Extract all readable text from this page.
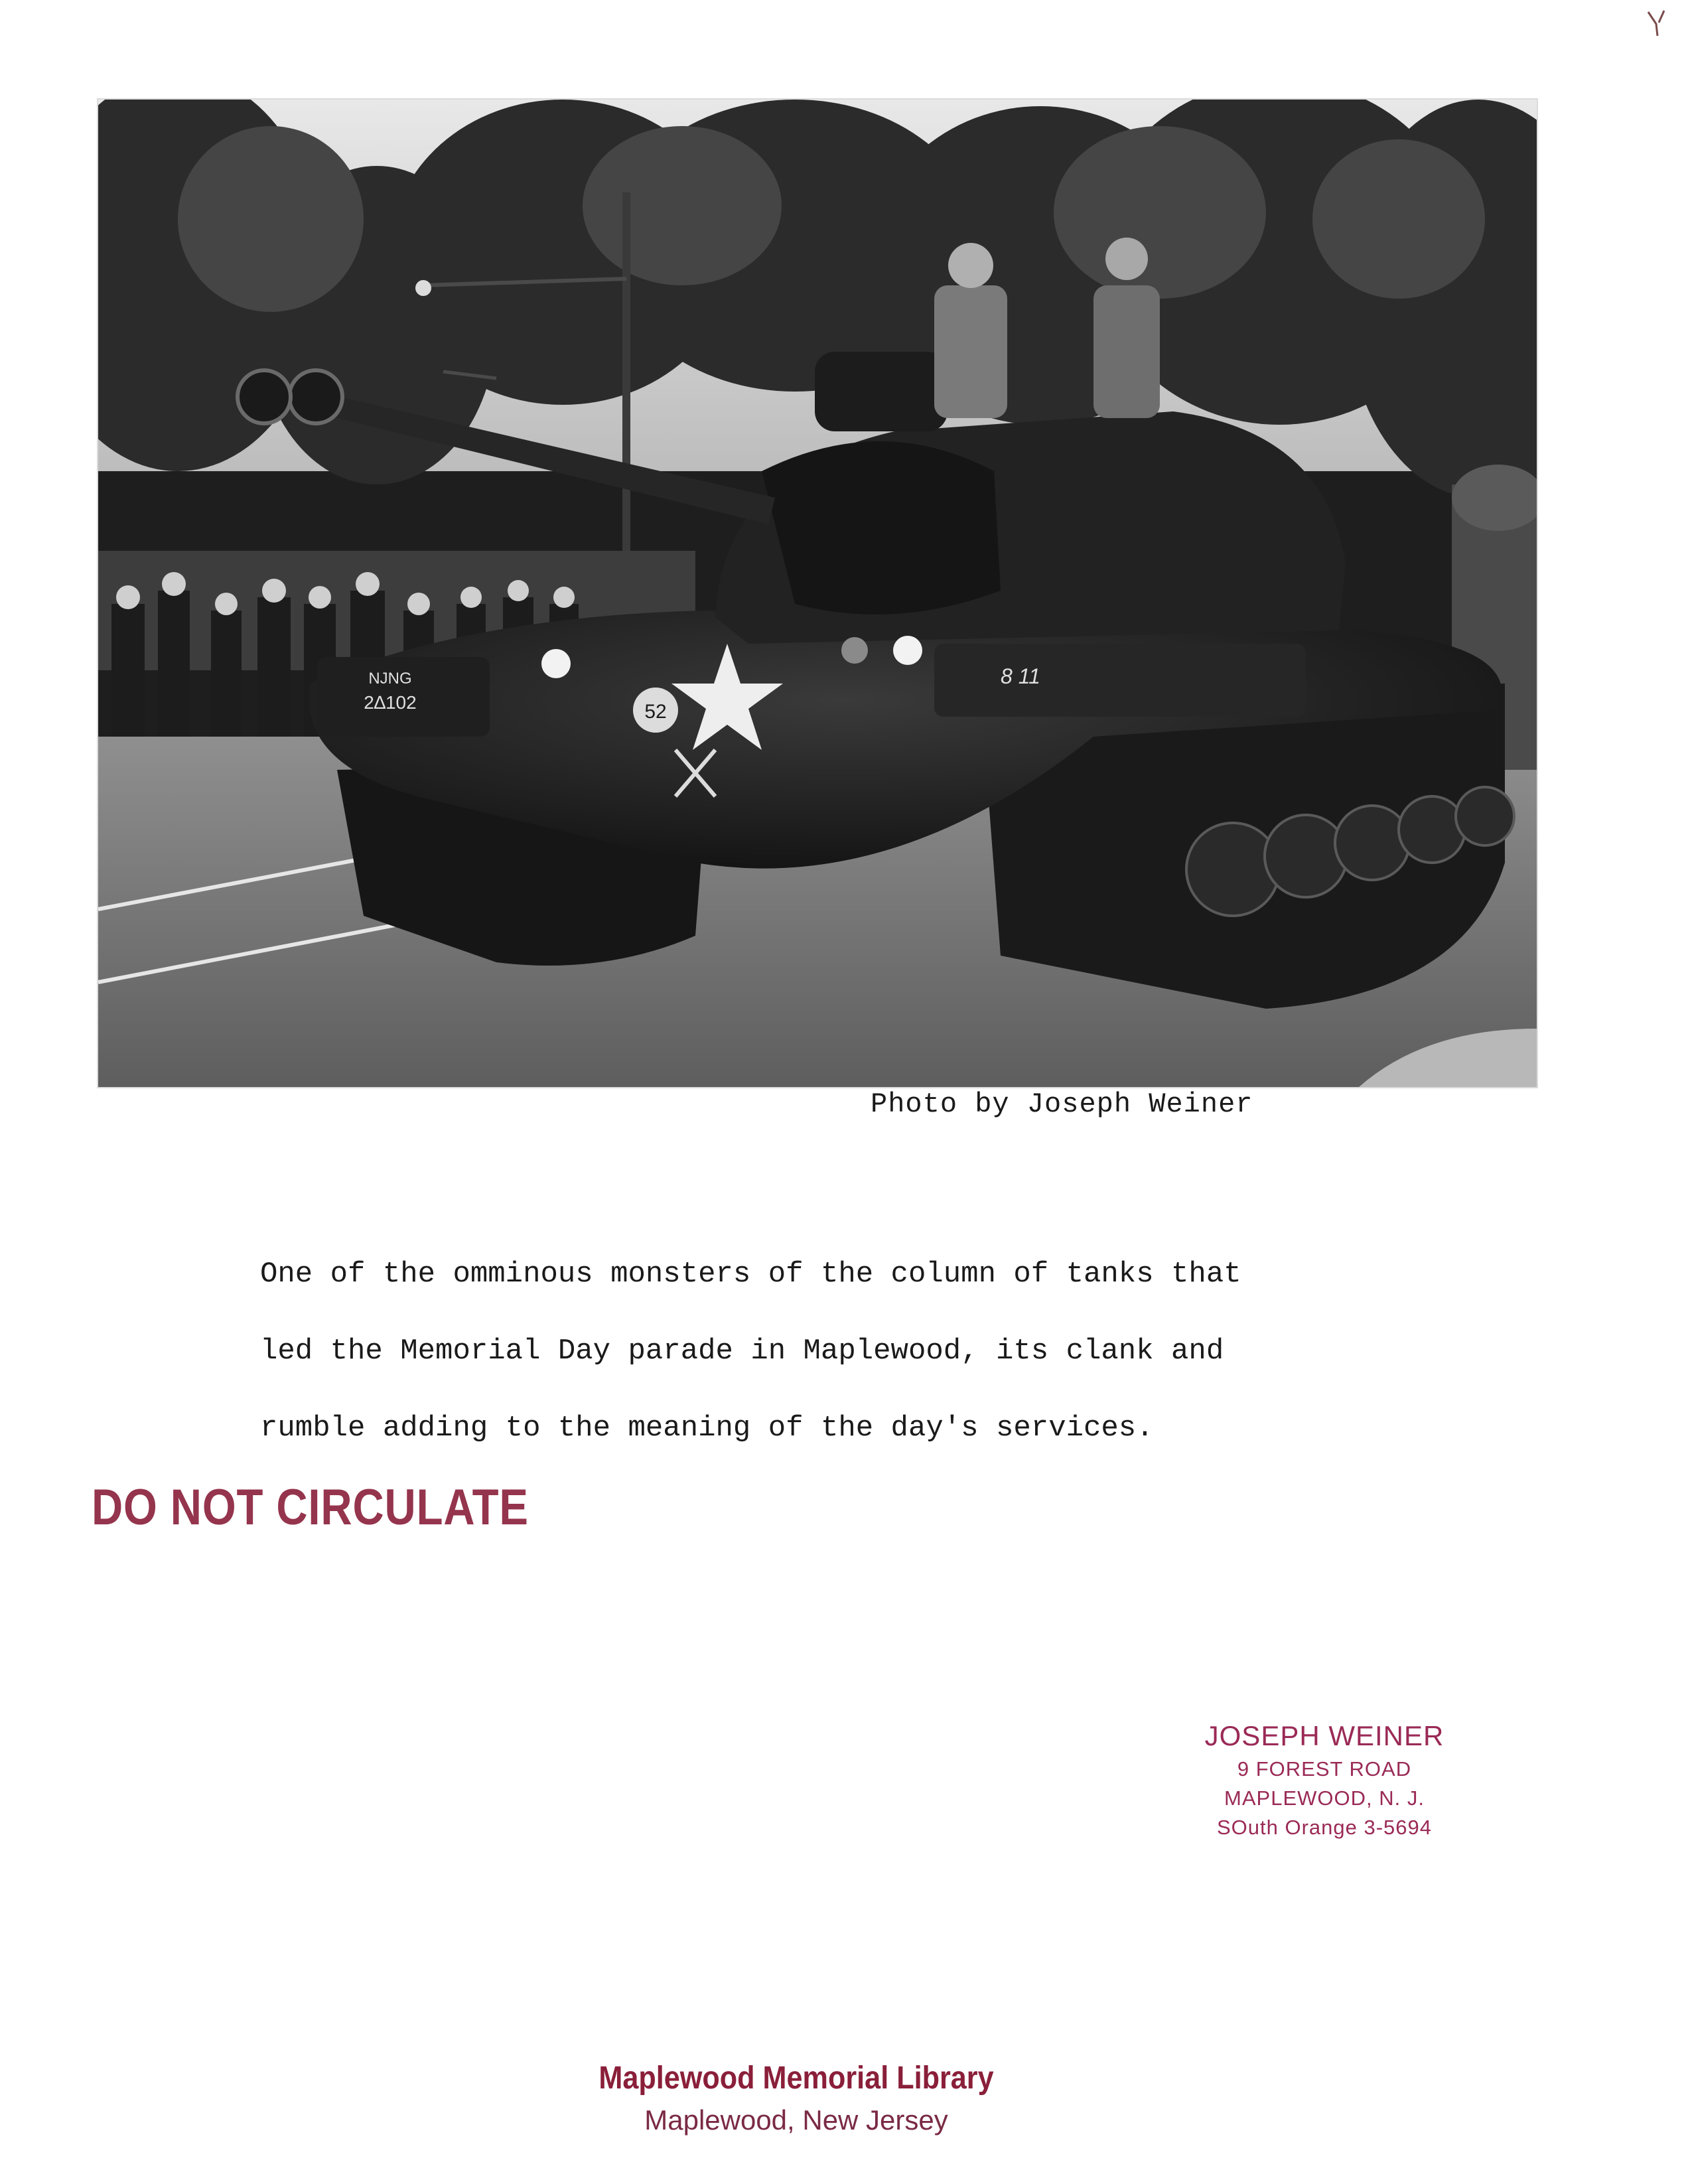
52
NJNG
2∆102
8 11
Photo by Joseph Weiner
One of the omminous monsters of the column of tanks that
led the Memorial Day parade in Maplewood, its clank and
rumble adding to the meaning of the day's services.
DO NOT CIRCULATE
JOSEPH WEINER
9 FOREST ROAD
MAPLEWOOD, N. J.
SOuth Orange 3-5694
Maplewood Memorial Library
Maplewood, New Jersey
